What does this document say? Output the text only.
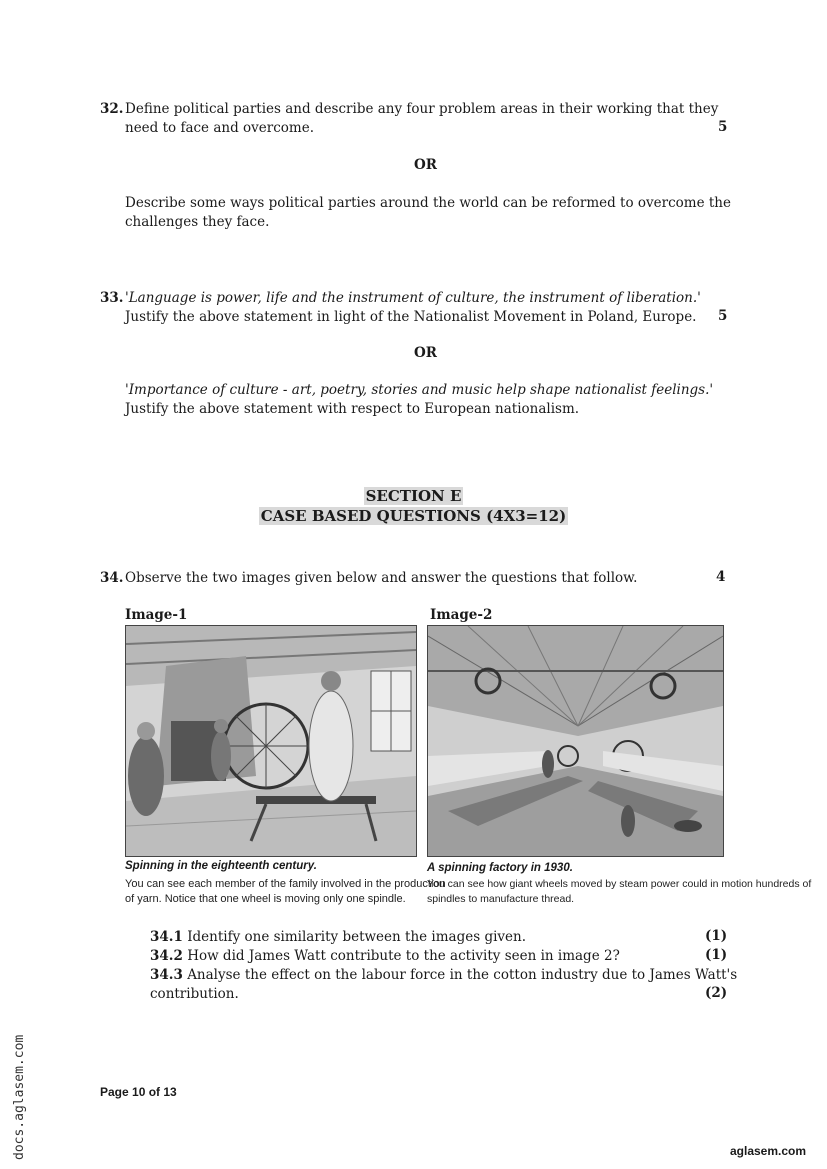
32. Define political parties and describe any four problem areas in their working that they
need to face and overcome.	5
OR
Describe some ways political parties around the world can be reformed to overcome the
challenges they face.
33. 'Language is power, life and the instrument of culture, the instrument of liberation.'
Justify the above statement in light of the Nationalist Movement in Poland, Europe. 5
OR
'Importance of culture - art, poetry, stories and music help shape nationalist feelings.'
Justify the above statement with respect to European nationalism.
SECTION E
CASE BASED QUESTIONS (4X3=12)
34. Observe the two images given below and answer the questions that follow.	4
Image-1	Image-2
Spinning in the eighteenth century.
You can see each member of the family involved in the production
of yarn. Notice that one wheel is moving only one spindle.
A spinning factory in 1930.
You can see how giant wheels moved by steam power could in motion hundreds of
spindles to manufacture thread.
34.1 Identify one similarity between the images given.	(1)
34.2 How did James Watt contribute to the activity seen in image 2?	(1)
34.3 Analyse the effect on the labour force in the cotton industry due to James Watt's
contribution.	(2)
Page 10 of 13
docs.aglasem.com	aglasem.com
